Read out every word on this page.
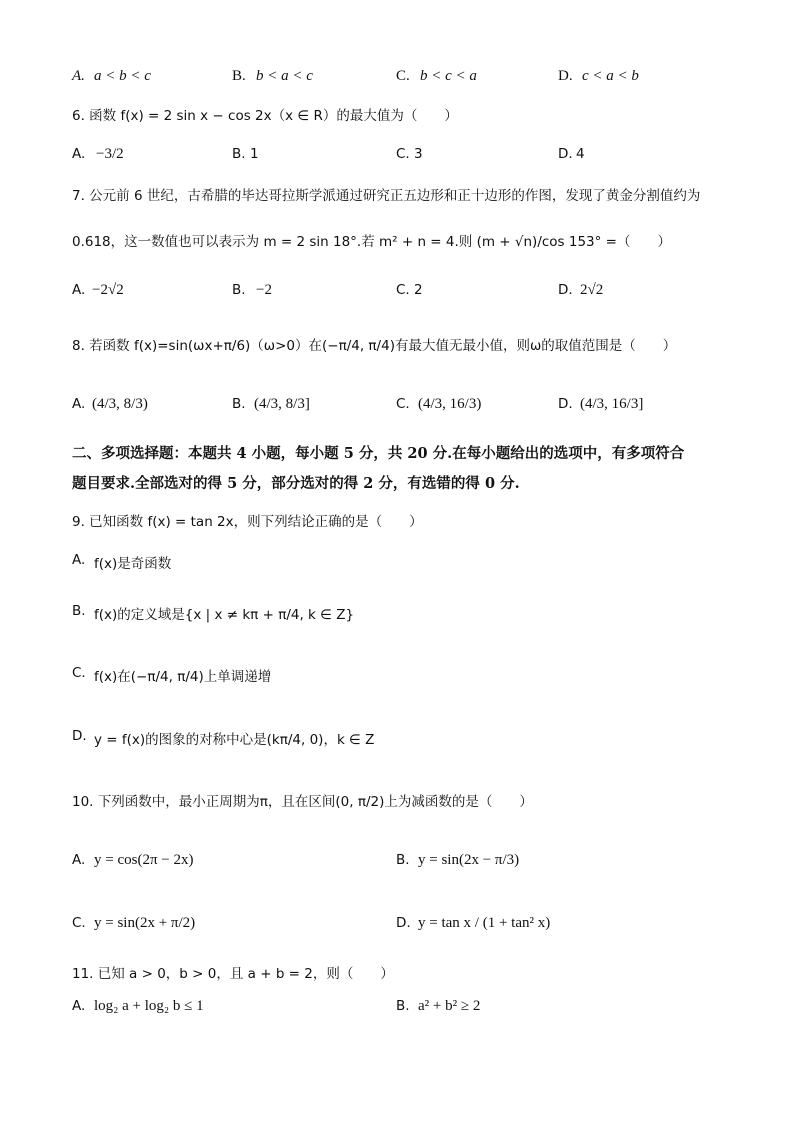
A. a < b < c	B. b < a < c	C. b < c < a	D. c < a < b
6. 函数 f(x) = 2 sin x − cos 2x（x ∈ R）的最大值为（　　）
A. −3/2	B. 1	C. 3	D. 4
7. 公元前 6 世纪，古希腊的毕达哥拉斯学派通过研究正五边形和正十边形的作图，发现了黄金分割值约为
0.618，这一数值也可以表示为 m = 2 sin 18°.若 m² + n = 4.则 (m + √n)/cos 153° =（　　）
A. −2√2	B. −2	C. 2	D. 2√2
8. 若函数 f(x)=sin(ωx+π/6)（ω>0）在(−π/4, π/4)有最大值无最小值，则ω的取值范围是（　　）
A. (4/3, 8/3)	B. (4/3, 8/3]	C. (4/3, 16/3)	D. (4/3, 16/3]
二、多项选择题：本题共 4 小题，每小题 5 分，共 20 分.在每小题给出的选项中，有多项符合
题目要求.全部选对的得 5 分，部分选对的得 2 分，有选错的得 0 分.
9. 已知函数 f(x) = tan 2x，则下列结论正确的是（　　）
A. f(x)是奇函数
B. f(x)的定义域是{x | x ≠ kπ + π/4, k ∈ Z}
C. f(x)在(−π/4, π/4)上单调递增
D. y = f(x)的图象的对称中心是(kπ/4, 0)，k ∈ Z
10. 下列函数中，最小正周期为π，且在区间(0, π/2)上为减函数的是（　　）
A. y = cos(2π − 2x)	B. y = sin(2x − π/3)
C. y = sin(2x + π/2)	D. y = tan x / (1 + tan² x)
11. 已知 a > 0，b > 0，且 a + b = 2，则（　　）
A. log₂ a + log₂ b ≤ 1	B. a² + b² ≥ 2
